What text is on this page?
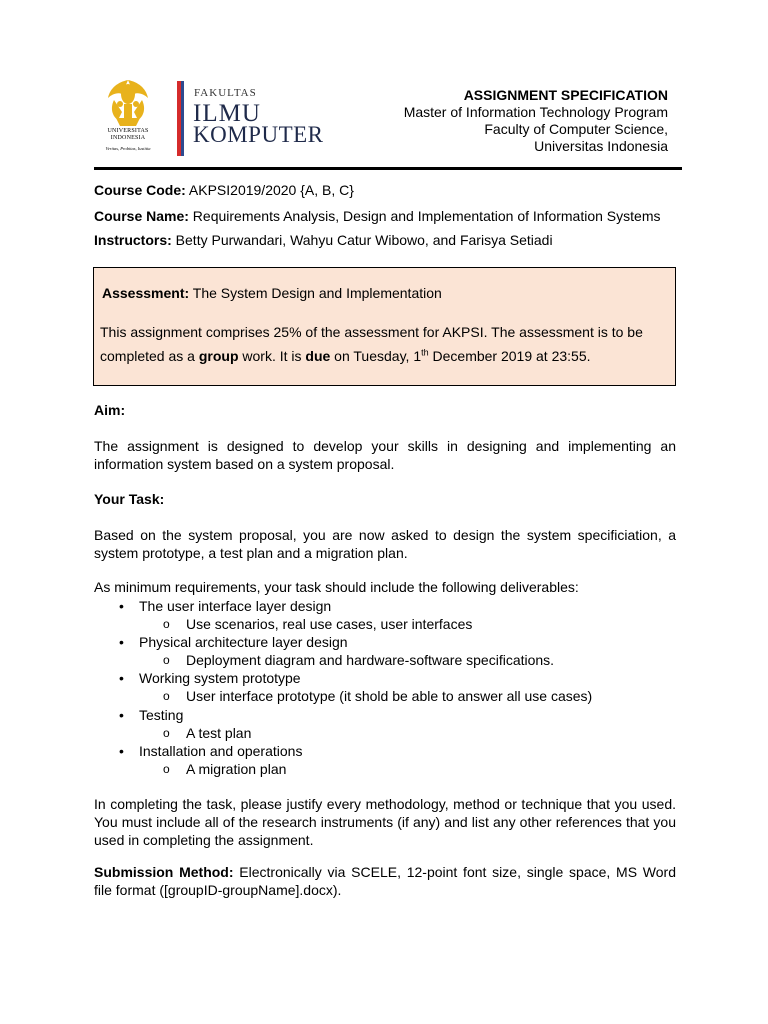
UNIVERSITAS
INDONESIA
Veritas, Probitas, Iustitia
FAKULTAS
ILMU
KOMPUTER
ASSIGNMENT SPECIFICATION
Master of Information Technology Program
Faculty of Computer Science,
Universitas Indonesia
Course Code: AKPSI2019/2020 {A, B, C}
Course Name: Requirements Analysis, Design and Implementation of Information Systems
Instructors: Betty Purwandari, Wahyu Catur Wibowo, and Farisya Setiadi
Assessment: The System Design and Implementation
This assignment comprises 25% of the assessment for AKPSI. The assessment is to be completed as a group work. It is due on Tuesday, 1th December 2019 at 23:55.
Aim:
The assignment is designed to develop your skills in designing and implementing an information system based on a system proposal.
Your Task:
Based on the system proposal, you are now asked to design the system specificiation, a system prototype, a test plan and a migration plan.
As minimum requirements, your task should include the following deliverables:
• The user interface layer design
o Use scenarios, real use cases, user interfaces
• Physical architecture layer design
o Deployment diagram and hardware-software specifications.
• Working system prototype
o User interface prototype (it shold be able to answer all use cases)
• Testing
o A test plan
• Installation and operations
o A migration plan
In completing the task, please justify every methodology, method or technique that you used. You must include all of the research instruments (if any) and list any other references that you used in completing the assignment.
Submission Method: Electronically via SCELE, 12-point font size, single space, MS Word file format ([groupID-groupName].docx).
